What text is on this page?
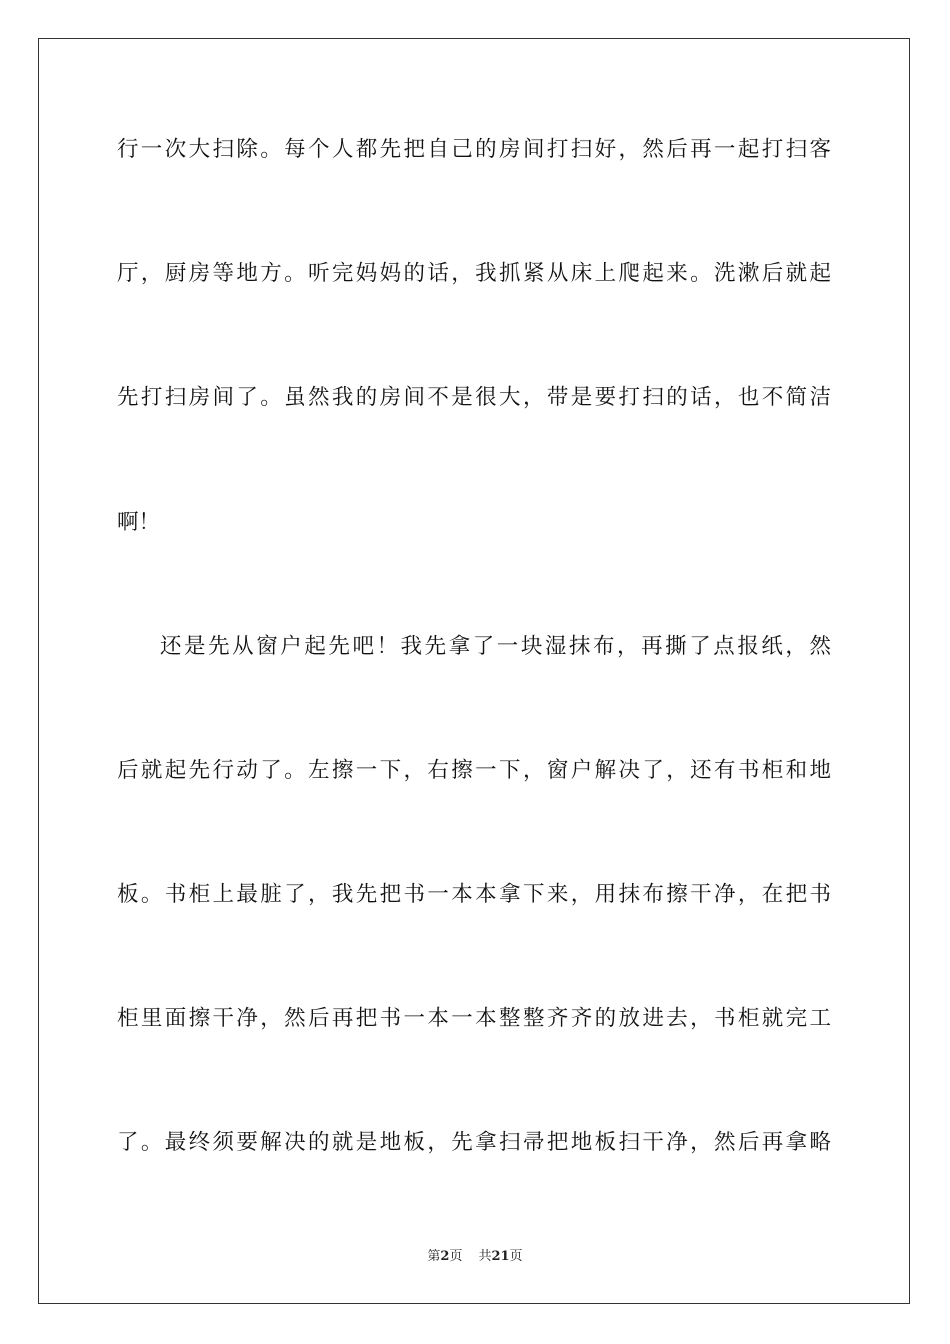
行一次大扫除。每个人都先把自己的房间打扫好，然后再一起打扫客
厅，厨房等地方。听完妈妈的话，我抓紧从床上爬起来。洗漱后就起
先打扫房间了。虽然我的房间不是很大，带是要打扫的话，也不简洁
啊！
还是先从窗户起先吧！我先拿了一块湿抹布，再撕了点报纸，然
后就起先行动了。左擦一下，右擦一下，窗户解决了，还有书柜和地
板。书柜上最脏了，我先把书一本本拿下来，用抹布擦干净，在把书
柜里面擦干净，然后再把书一本一本整整齐齐的放进去，书柜就完工
了。最终须要解决的就是地板，先拿扫帚把地板扫干净，然后再拿略
第2页 共21页
